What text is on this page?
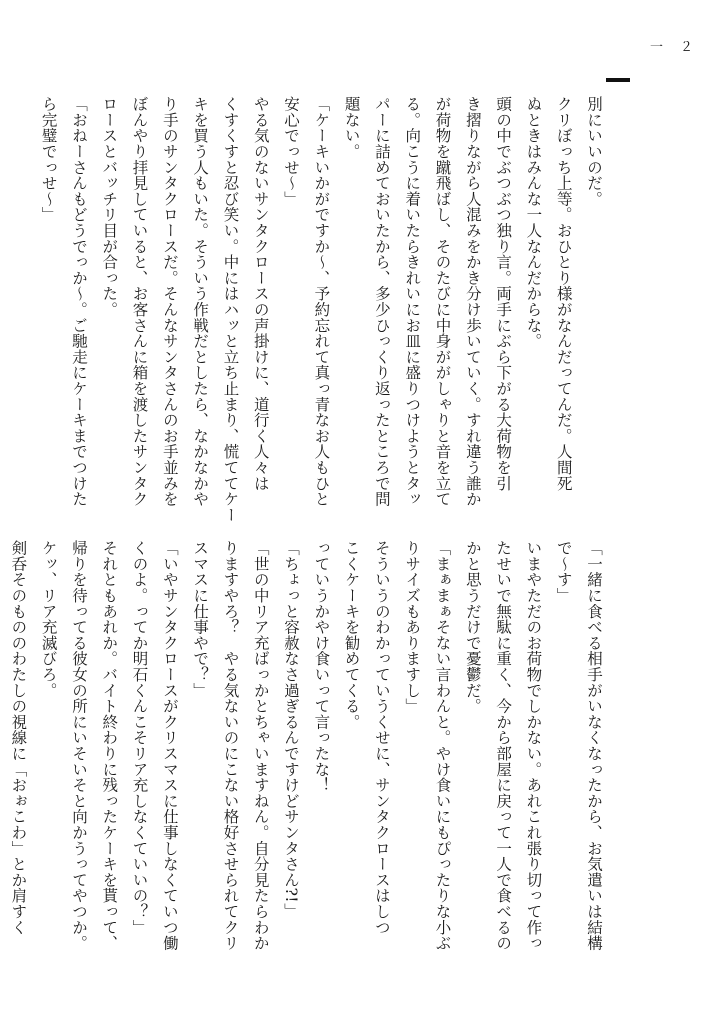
一　２
別にいいのだ。
クリぼっち上等。おひとり様がなんだってんだ。人間死
ぬときはみんな一人なんだからな。
頭の中でぶつぶつ独り言。両手にぶら下がる大荷物を引
き摺りながら人混みをかき分け歩いていく。すれ違う誰か
が荷物を蹴飛ばし、そのたびに中身ががしゃりと音を立て
る。向こうに着いたらきれいにお皿に盛りつけようとタッ
パーに詰めておいたから、多少ひっくり返ったところで問
題ない。
「ケーキいかがですか～、予約忘れて真っ青なお人もひと
安心でっせ～」
やる気のないサンタクロースの声掛けに、道行く人々は
くすくすと忍び笑い。中にはハッと立ち止まり、慌ててケー
キを買う人もいた。そういう作戦だとしたら、なかなかや
り手のサンタクロースだ。そんなサンタさんのお手並みを
ぼんやり拝見していると、お客さんに箱を渡したサンタク
ロースとバッチリ目が合った。
「おねーさんもどうでっか～。ご馳走にケーキまでつけた
ら完璧でっせ～」
「一緒に食べる相手がいなくなったから、お気遣いは結構
で～す」
いまやただのお荷物でしかない。あれこれ張り切って作っ
たせいで無駄に重く、今から部屋に戻って一人で食べるの
かと思うだけで憂鬱だ。
「まぁまぁそない言わんと。やけ食いにもぴったりな小ぶ
りサイズもありますし」
そういうのわかっていうくせに、サンタクロースはしつ
こくケーキを勧めてくる。
っていうかやけ食いって言ったな！
「ちょっと容赦なさ過ぎるんですけどサンタさん?!」
「世の中リア充ばっかとちゃいますねん。自分見たらわか
りますやろ？　やる気ないのにこない格好させられてクリ
スマスに仕事やで？」
「いやサンタクロースがクリスマスに仕事しなくていつ働
くのよ。ってか明石くんこそリア充しなくていいの？」
それともあれか。バイト終わりに残ったケーキを貰って、
帰りを待ってる彼女の所にいそいそと向かうってやつか。
ケッ、リア充滅びろ。
剣呑そのもののわたしの視線に「おぉこわ」とか肩すく
